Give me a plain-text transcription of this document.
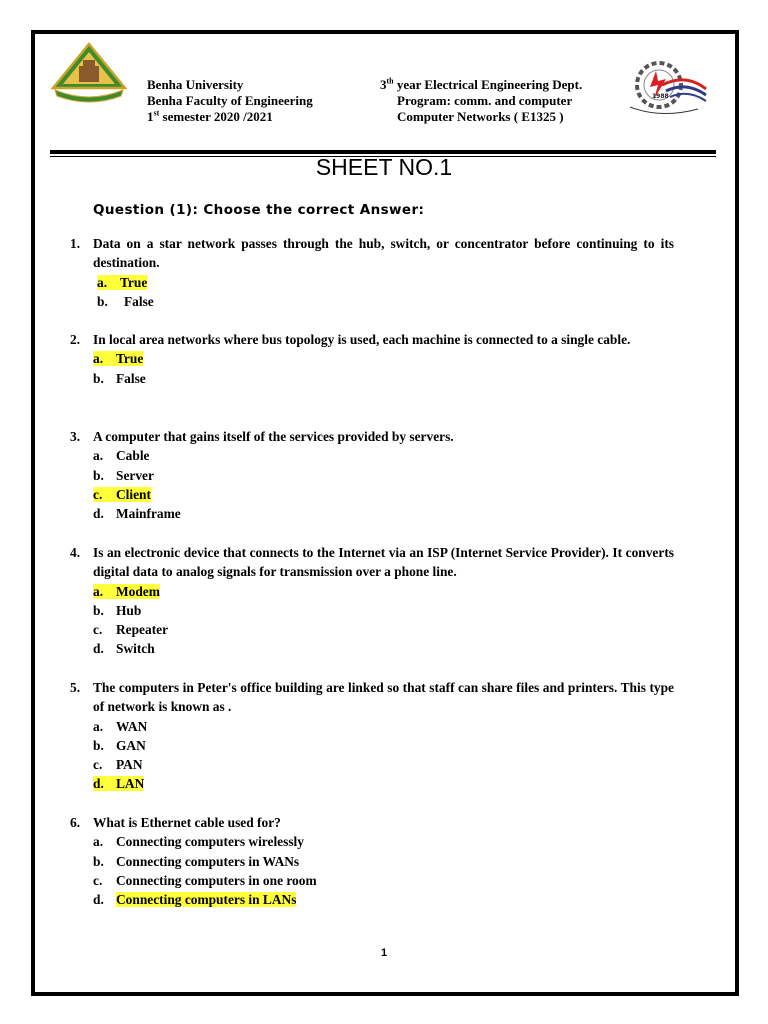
1988
Benha University
Benha Faculty of Engineering
1st semester 2020 /2021
3th year Electrical Engineering Dept.
Program: comm. and computer
Computer Networks ( E1325 )
SHEET NO.1
Question (1): Choose the correct Answer:
1. Data on a star network passes through the hub, switch, or concentrator before continuing to its destination.
a. True
b. False
2. In local area networks where bus topology is used, each machine is connected to a single cable.
a. True
b. False
3. A computer that gains itself of the services provided by servers.
a. Cable
b. Server
c. Client
d. Mainframe
4. Is an electronic device that connects to the Internet via an ISP (Internet Service Provider). It converts digital data to analog signals for transmission over a phone line.
a. Modem
b. Hub
c. Repeater
d. Switch
5. The computers in Peter's office building are linked so that staff can share files and printers. This type of network is known as .
a. WAN
b. GAN
c. PAN
d. LAN
6. What is Ethernet cable used for?
a. Connecting computers wirelessly
b. Connecting computers in WANs
c. Connecting computers in one room
d. Connecting computers in LANs
1
